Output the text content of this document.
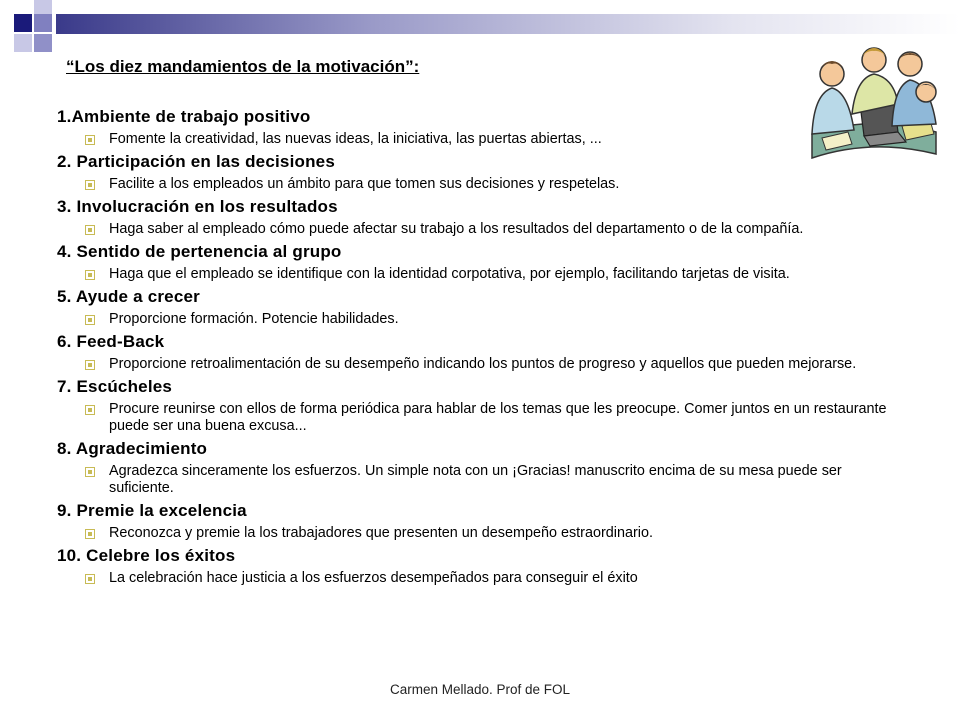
“Los diez mandamientos de la motivación”:

1.Ambiente de trabajo positivo

Fomente la creatividad, las nuevas ideas, la iniciativa, las puertas abiertas, ...

2. Participación en las decisiones

Facilite a los empleados un ámbito para que tomen sus decisiones y respetelas.

3. Involucración en los resultados

Haga saber al empleado cómo puede afectar su trabajo a los resultados del departamento o de la compañía.

4. Sentido de pertenencia al grupo

Haga que el empleado se identifique con la identidad corpotativa, por ejemplo, facilitando tarjetas de visita.

5. Ayude a crecer

Proporcione formación. Potencie habilidades.

6. Feed-Back

Proporcione retroalimentación de su desempeño indicando los puntos de progreso y aquellos que pueden mejorarse.

7. Escúcheles

Procure reunirse con ellos de forma periódica para hablar de los temas que les preocupe. Comer juntos en un restaurante puede ser una buena excusa...

8. Agradecimiento

Agradezca sinceramente los esfuerzos. Un simple nota con un ¡Gracias! manuscrito encima de su mesa puede ser suficiente.

9. Premie la excelencia

Reconozca y premie la los trabajadores que presenten un desempeño estraordinario.

10. Celebre los éxitos

La celebración hace justicia a los esfuerzos desempeñados para conseguir el éxito
Carmen Mellado. Prof de FOL
